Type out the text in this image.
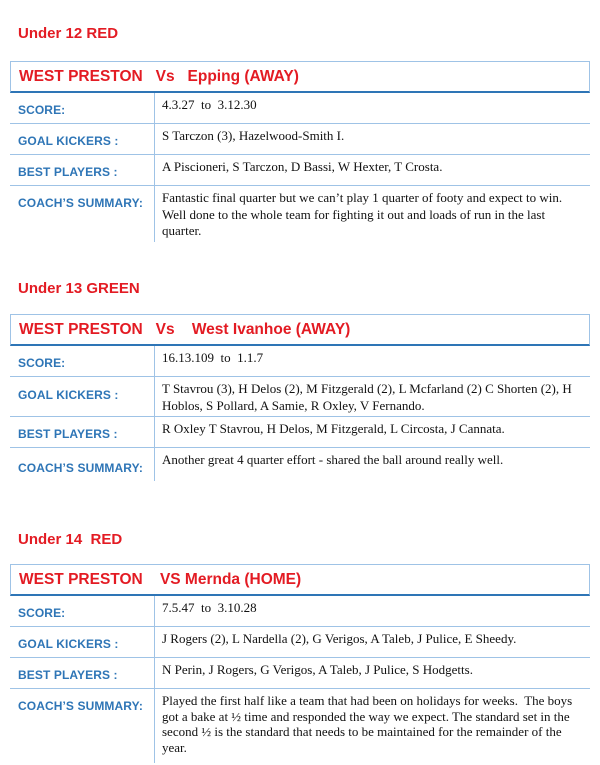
Under 12 RED
WEST PRESTON   Vs   Epping (AWAY)
SCORE:	4.3.27  to  3.12.30
GOAL KICKERS :	S Tarczon (3), Hazelwood-Smith I.
BEST PLAYERS :	A Piscioneri, S Tarczon, D Bassi, W Hexter, T Crosta.
COACH’S SUMMARY: Fantastic final quarter but we can’t play 1 quarter of footy and expect to win.  Well done to the whole team for fighting it out and loads of run in the last quarter.
Under 13 GREEN
WEST PRESTON   Vs    West Ivanhoe (AWAY)
SCORE:	16.13.109  to  1.1.7
GOAL KICKERS :	T Stavrou (3), H Delos (2), M Fitzgerald (2), L Mcfarland (2) C Shorten (2), H Hoblos, S Pollard, A Samie, R Oxley, V Fernando.
BEST PLAYERS :	R Oxley T Stavrou, H Delos, M Fitzgerald, L Circosta, J Cannata.
COACH’S SUMMARY:
Another great 4 quarter effort - shared the ball around really well.
Under 14  RED
WEST PRESTON    VS Mernda (HOME)
SCORE:	7.5.47  to  3.10.28
GOAL KICKERS :	J Rogers (2), L Nardella (2), G Verigos, A Taleb, J Pulice, E Sheedy.
BEST PLAYERS :	N Perin, J Rogers, G Verigos, A Taleb, J Pulice, S Hodgetts.
COACH’S SUMMARY: Played the first half like a team that had been on holidays for weeks.  The boys got a bake at ½ time and responded the way we expect. The standard set in the second ½ is the standard that needs to be maintained for the remainder of the year.
